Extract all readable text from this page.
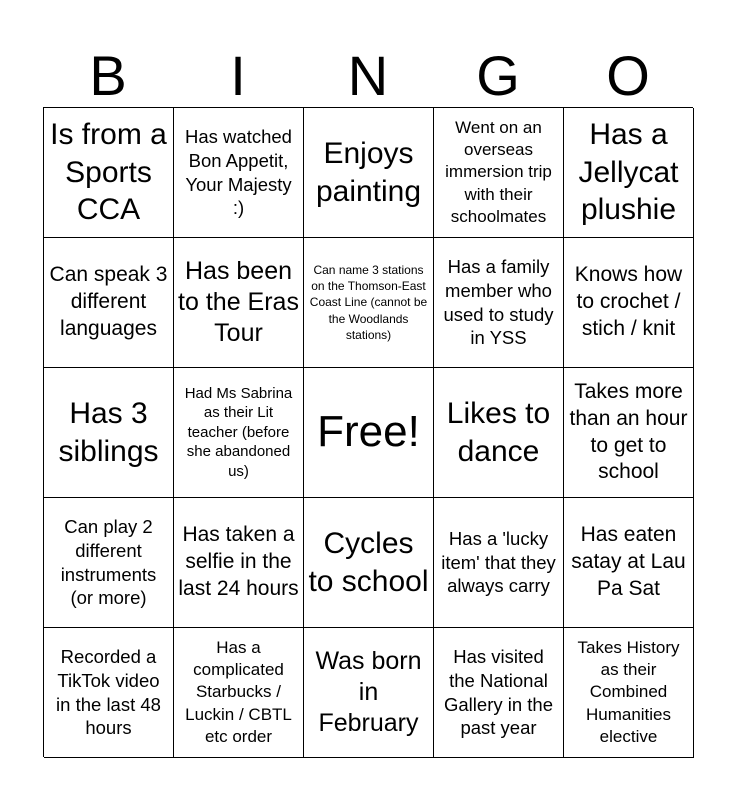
B	I	N	G	O
Is from a Sports CCA
Has watched Bon Appetit, Your Majesty :)
Enjoys painting
Went on an overseas immersion trip with their schoolmates
Has a Jellycat plushie
Can speak 3 different languages
Has been to the Eras Tour
Can name 3 stations on the Thomson-East Coast Line (cannot be the Woodlands stations)
Has a family member who used to study in YSS
Knows how to crochet / stich / knit
Has 3 siblings
Had Ms Sabrina as their Lit teacher (before she abandoned us)
Free! Likes to dance
Takes more than an hour to get to school
Can play 2 different instruments (or more)
Has taken a selfie in the last 24 hours
Cycles to school
Has a 'lucky item' that they always carry
Has eaten satay at Lau Pa Sat
Recorded a TikTok video in the last 48 hours
Has a complicated Starbucks / Luckin / CBTL etc order
Was born in February
Has visited the National Gallery in the past year
Takes History as their Combined Humanities elective
